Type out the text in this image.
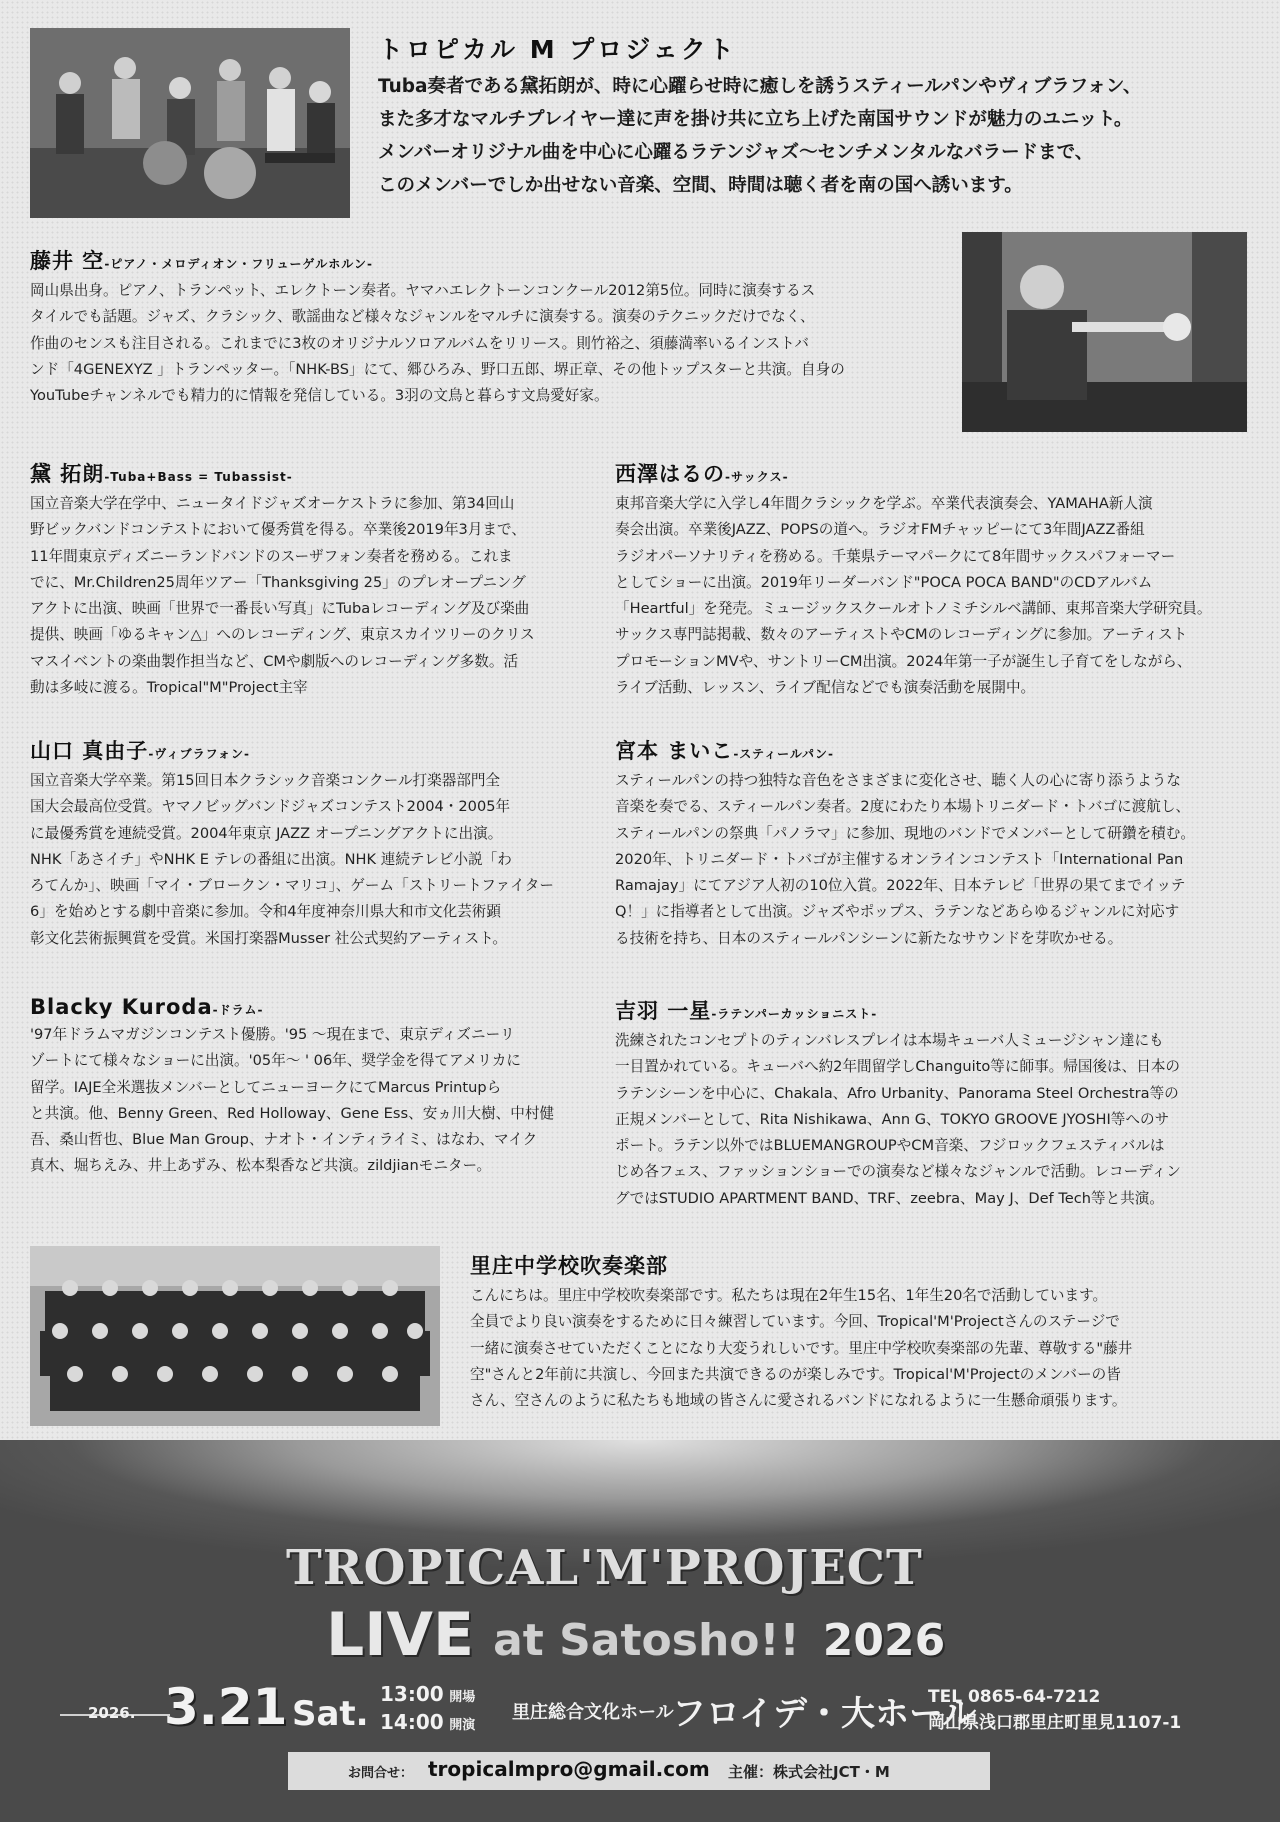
トロピカル M プロジェクト
Tuba奏者である黛拓朗が、時に心躍らせ時に癒しを誘うスティールパンやヴィブラフォン、
また多才なマルチプレイヤー達に声を掛け共に立ち上げた南国サウンドが魅力のユニット。
メンバーオリジナル曲を中心に心躍るラテンジャズ〜センチメンタルなバラードまで、
このメンバーでしか出せない音楽、空間、時間は聴く者を南の国へ誘います。
藤井 空-ピアノ・メロディオン・フリューゲルホルン-
岡山県出身。ピアノ、トランペット、エレクトーン奏者。ヤマハエレクトーンコンクール2012第5位。同時に演奏するス
タイルでも話題。ジャズ、クラシック、歌謡曲など様々なジャンルをマルチに演奏する。演奏のテクニックだけでなく、
作曲のセンスも注目される。これまでに3枚のオリジナルソロアルバムをリリース。則竹裕之、須藤満率いるインストバ
ンド「4GENEXYZ 」トランペッター。「NHK-BS」にて、郷ひろみ、野口五郎、堺正章、その他トップスターと共演。自身の
YouTubeチャンネルでも精力的に情報を発信している。3羽の文鳥と暮らす文鳥愛好家。
黛 拓朗-Tuba+Bass = Tubassist-
国立音楽大学在学中、ニュータイドジャズオーケストラに参加、第34回山
野ビックバンドコンテストにおいて優秀賞を得る。卒業後2019年3月まで、
11年間東京ディズニーランドバンドのスーザフォン奏者を務める。これま
でに、Mr.Children25周年ツアー「Thanksgiving 25」のプレオープニング
アクトに出演、映画「世界で一番長い写真」にTubaレコーディング及び楽曲
提供、映画「ゆるキャン△」へのレコーディング、東京スカイツリーのクリス
マスイベントの楽曲製作担当など、CMや劇版へのレコーディング多数。活
動は多岐に渡る。Tropical"M"Project主宰
西澤はるの-サックス-
東邦音楽大学に入学し4年間クラシックを学ぶ。卒業代表演奏会、YAMAHA新人演
奏会出演。卒業後JAZZ、POPSの道へ。ラジオFMチャッピーにて3年間JAZZ番組
ラジオパーソナリティを務める。千葉県テーマパークにて8年間サックスパフォーマー
としてショーに出演。2019年リーダーバンド"POCA POCA BAND"のCDアルバム
「Heartful」を発売。ミュージックスクールオトノミチシルベ講師、東邦音楽大学研究員。
サックス専門誌掲載、数々のアーティストやCMのレコーディングに参加。アーティスト
プロモーションMVや、サントリーCM出演。2024年第一子が誕生し子育てをしながら、
ライブ活動、レッスン、ライブ配信などでも演奏活動を展開中。
山口 真由子-ヴィブラフォン-
国立音楽大学卒業。第15回日本クラシック音楽コンクール打楽器部門全
国大会最高位受賞。ヤマノビッグバンドジャズコンテスト2004・2005年
に最優秀賞を連続受賞。2004年東京 JAZZ オープニングアクトに出演。
NHK「あさイチ」やNHK E テレの番組に出演。NHK 連続テレビ小説「わ
ろてんか」、映画「マイ・ブロークン・マリコ」、ゲーム「ストリートファイター
6」を始めとする劇中音楽に参加。令和4年度神奈川県大和市文化芸術顕
彰文化芸術振興賞を受賞。米国打楽器Musser 社公式契約アーティスト。
宮本 まいこ-スティールパン-
スティールパンの持つ独特な音色をさまざまに変化させ、聴く人の心に寄り添うような
音楽を奏でる、スティールパン奏者。2度にわたり本場トリニダード・トバゴに渡航し、
スティールパンの祭典「パノラマ」に参加、現地のバンドでメンバーとして研鑽を積む。
2020年、トリニダード・トバゴが主催するオンラインコンテスト「International Pan
Ramajay」にてアジア人初の10位入賞。2022年、日本テレビ「世界の果てまでイッテ
Q！」に指導者として出演。ジャズやポップス、ラテンなどあらゆるジャンルに対応す
る技術を持ち、日本のスティールパンシーンに新たなサウンドを芽吹かせる。
Blacky Kuroda-ドラム-
'97年ドラムマガジンコンテスト優勝。'95 〜現在まで、東京ディズニーリ
ゾートにて様々なショーに出演。'05年〜 ' 06年、奨学金を得てアメリカに
留学。IAJE全米選抜メンバーとしてニューヨークにてMarcus Printupら
と共演。他、Benny Green、Red Holloway、Gene Ess、安ヵ川大樹、中村健
吾、桑山哲也、Blue Man Group、ナオト・インティライミ、はなわ、マイク
真木、堀ちえみ、井上あずみ、松本梨香など共演。zildjianモニター。
吉羽 一星-ラテンパーカッショニスト-
洗練されたコンセプトのティンバレスプレイは本場キューバ人ミュージシャン達にも
一目置かれている。キューバへ約2年間留学しChanguito等に師事。帰国後は、日本の
ラテンシーンを中心に、Chakala、Afro Urbanity、Panorama Steel Orchestra等の
正規メンバーとして、Rita Nishikawa、Ann G、TOKYO GROOVE JYOSHI等へのサ
ポート。ラテン以外ではBLUEMANGROUPやCM音楽、フジロックフェスティバルは
じめ各フェス、ファッションショーでの演奏など様々なジャンルで活動。レコーディン
グではSTUDIO APARTMENT BAND、TRF、zeebra、May J、Def Tech等と共演。
里庄中学校吹奏楽部
こんにちは。里庄中学校吹奏楽部です。私たちは現在2年生15名、1年生20名で活動しています。
全員でより良い演奏をするために日々練習しています。今回、Tropical'M'Projectさんのステージで
一緒に演奏させていただくことになり大変うれしいです。里庄中学校吹奏楽部の先輩、尊敬する"藤井
空"さんと2年前に共演し、今回また共演できるのが楽しみです。Tropical'M'Projectのメンバーの皆
さん、空さんのように私たちも地域の皆さんに愛されるバンドになれるように一生懸命頑張ります。
TROPICAL'M'PROJECT
LIVE at Satosho!! 2026
2026. 3.21 Sat. 13:00 開場
14:00 開演
里庄総合文化ホール
フロイデ・大ホール
TEL 0865-64-7212
岡山県浅口郡里庄町里見1107-1
お問合せ： tropicalmpro@gmail.com 主催：株式会社JCT・M
